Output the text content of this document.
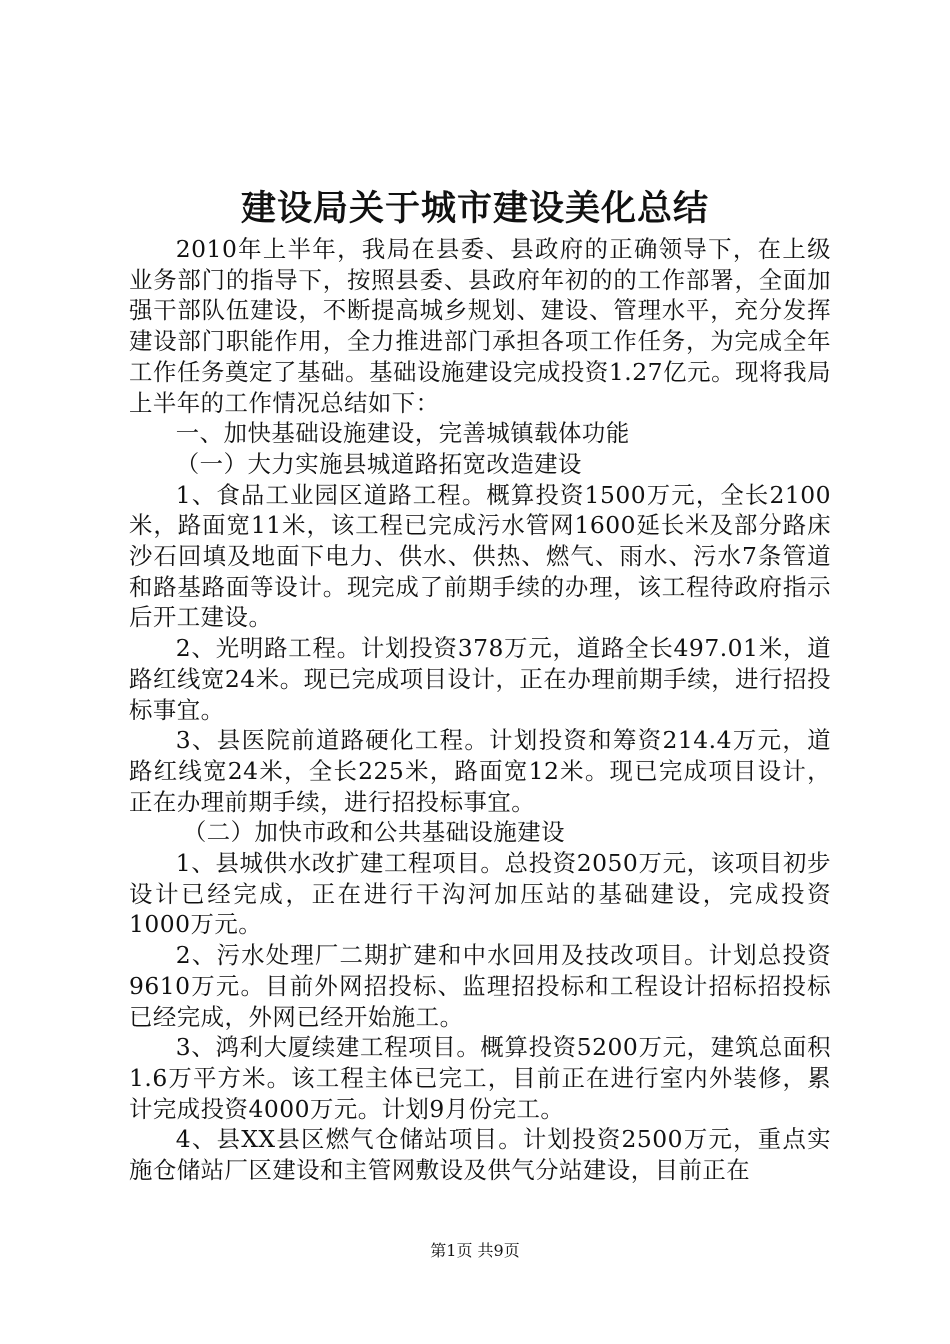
建设局关于城市建设美化总结

2010年上半年，我局在县委、县政府的正确领导下，在上级业务部门的指导下，按照县委、县政府年初的的工作部署，全面加强干部队伍建设，不断提高城乡规划、建设、管理水平，充分发挥建设部门职能作用，全力推进部门承担各项工作任务，为完成全年工作任务奠定了基础。基础设施建设完成投资1.27亿元。现将我局上半年的工作情况总结如下：

一、加快基础设施建设，完善城镇载体功能

（一）大力实施县城道路拓宽改造建设

1、食品工业园区道路工程。概算投资1500万元，全长2100米，路面宽11米，该工程已完成污水管网1600延长米及部分路床沙石回填及地面下电力、供水、供热、燃气、雨水、污水7条管道和路基路面等设计。现完成了前期手续的办理，该工程待政府指示后开工建设。

2、光明路工程。计划投资378万元，道路全长497.01米，道路红线宽24米。现已完成项目设计，正在办理前期手续，进行招投标事宜。

3、县医院前道路硬化工程。计划投资和筹资214.4万元，道路红线宽24米，全长225米，路面宽12米。现已完成项目设计，正在办理前期手续，进行招投标事宜。

（二）加快市政和公共基础设施建设

1、县城供水改扩建工程项目。总投资2050万元，该项目初步设计已经完成，正在进行干沟河加压站的基础建设，完成投资1000万元。

2、污水处理厂二期扩建和中水回用及技改项目。计划总投资9610万元。目前外网招投标、监理招投标和工程设计招标招投标已经完成，外网已经开始施工。

3、鸿利大厦续建工程项目。概算投资5200万元，建筑总面积1.6万平方米。该工程主体已完工，目前正在进行室内外装修，累计完成投资4000万元。计划9月份完工。

4、县XX县区燃气仓储站项目。计划投资2500万元，重点实施仓储站厂区建设和主管网敷设及供气分站建设，目前正在

第1页 共9页
